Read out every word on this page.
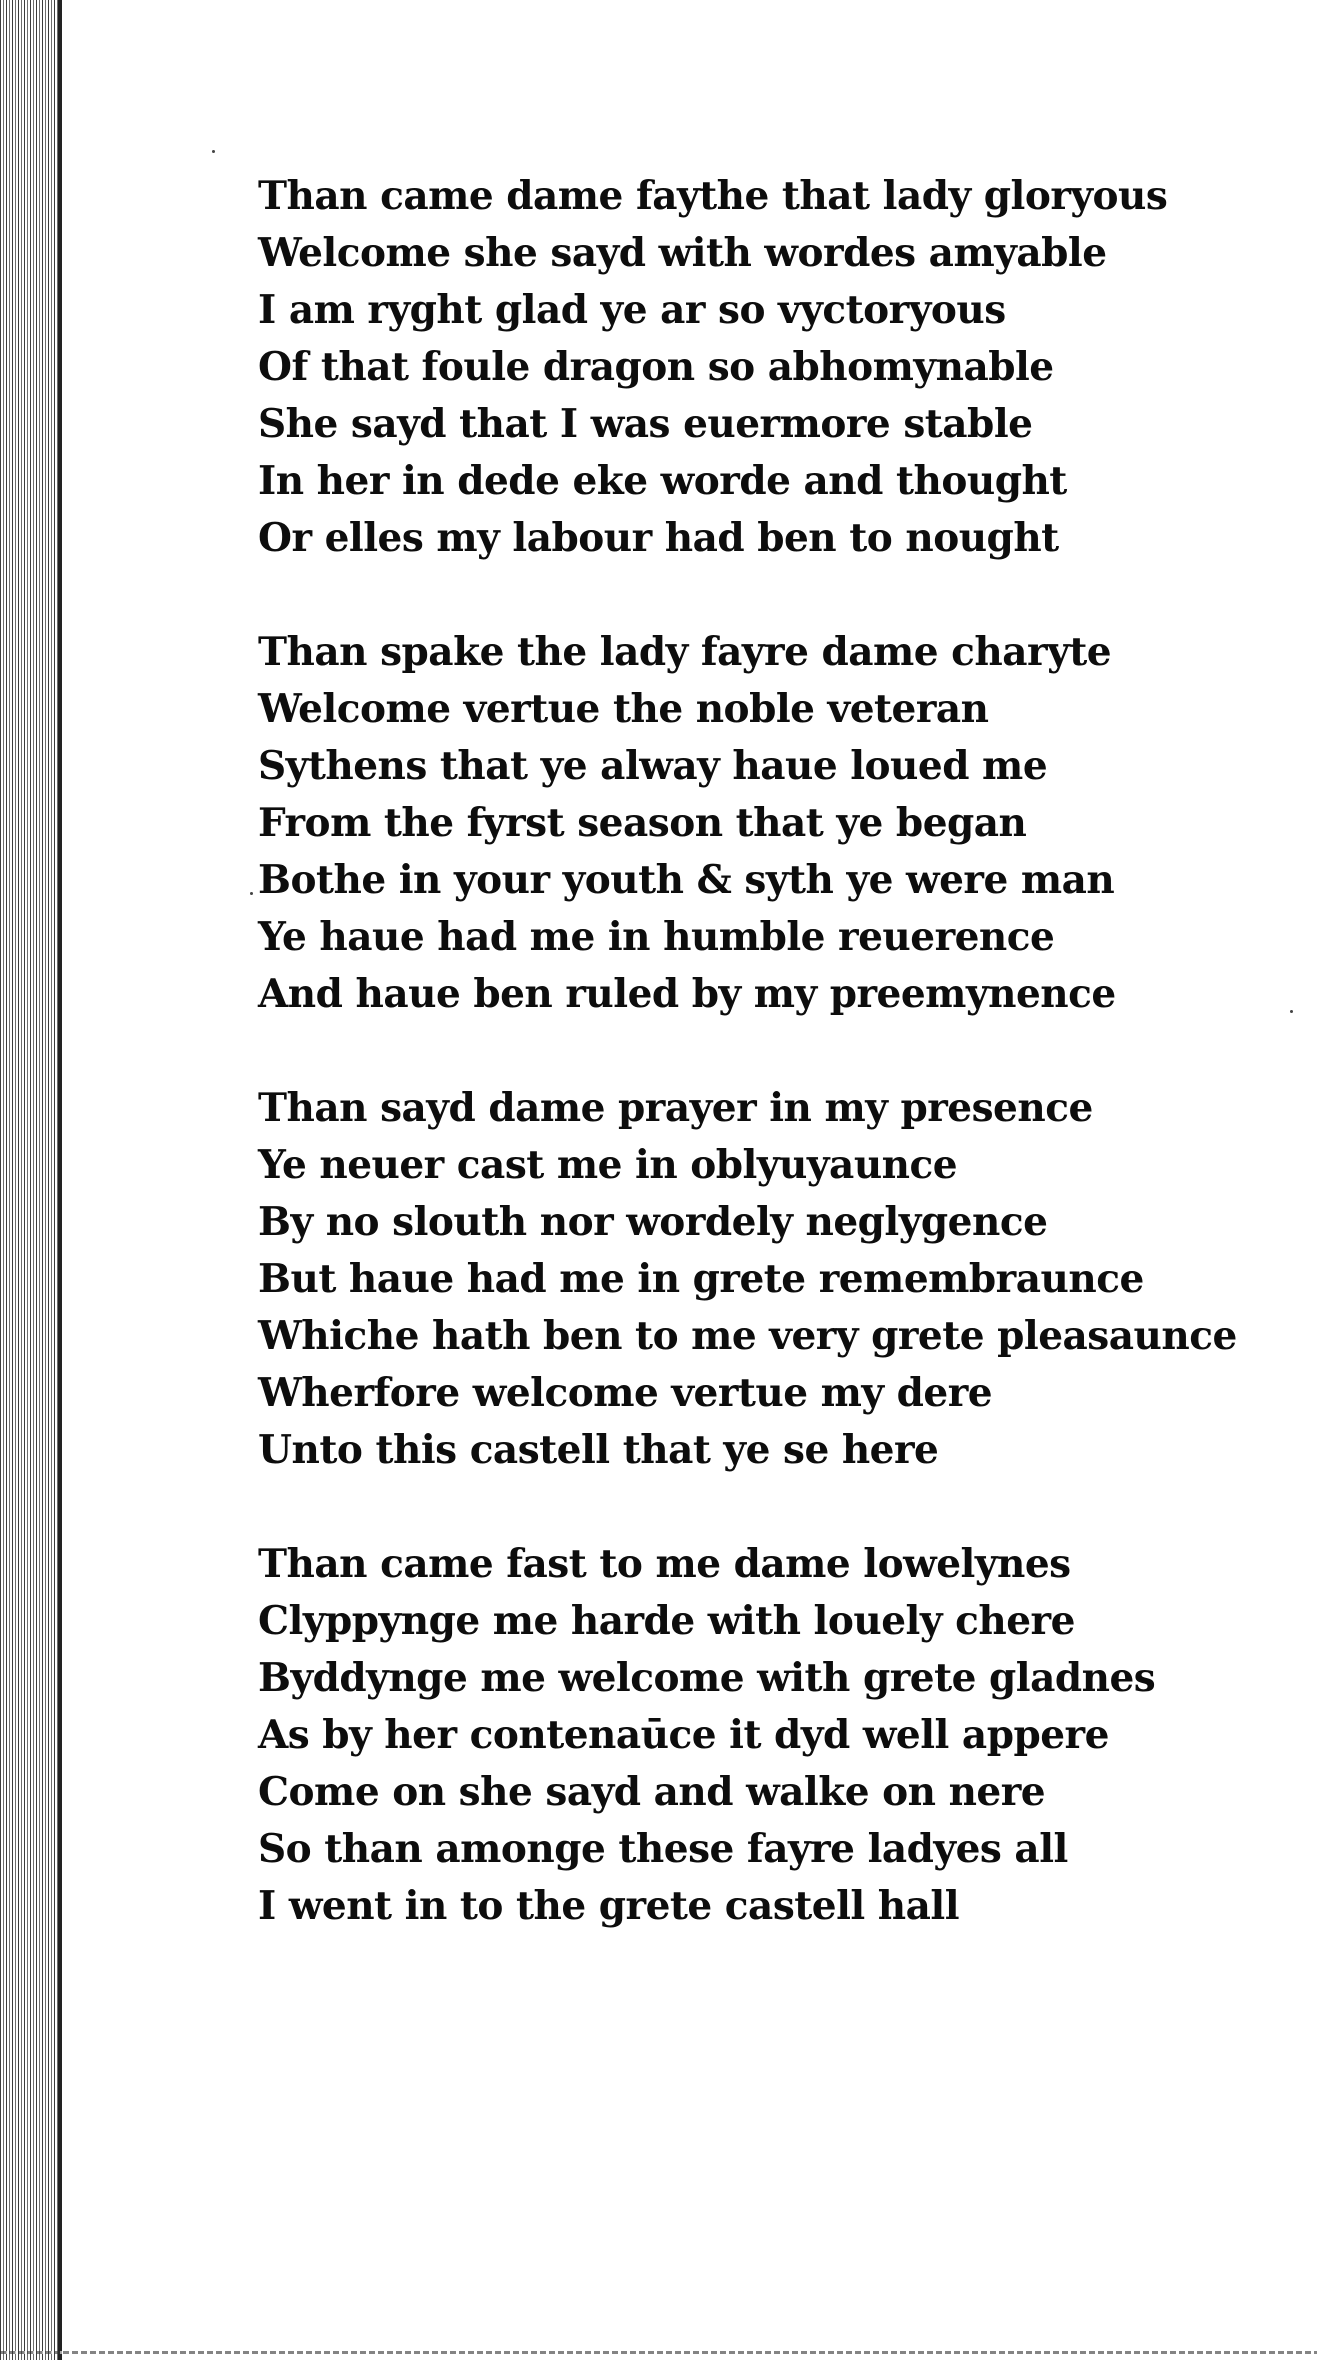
Than came dame faythe that lady gloryous
Welcome she sayd with wordes amyable
I am ryght glad ye ar so vyctoryous
Of that foule dragon so abhomynable
She sayd that I was euermore stable
In her in dede eke worde and thought
Or elles my labour had ben to nought
Than spake the lady fayre dame charyte
Welcome vertue the noble veteran
Sythens that ye alway haue loued me
From the fyrst season that ye began
Bothe in your youth & syth ye were man
Ye haue had me in humble reuerence
And haue ben ruled by my preemynence
Than sayd dame prayer in my presence
Ye neuer cast me in oblyuyaunce
By no slouth nor wordely neglygence
But haue had me in grete remembraunce
Whiche hath ben to me very grete pleasaunce
Wherfore welcome vertue my dere
Unto this castell that ye se here
Than came fast to me dame lowelynes
Clyppynge me harde with louely chere
Byddynge me welcome with grete gladnes
As by her contenaūce it dyd well appere
Come on she sayd and walke on nere
So than amonge these fayre ladyes all
I went in to the grete castell hall
